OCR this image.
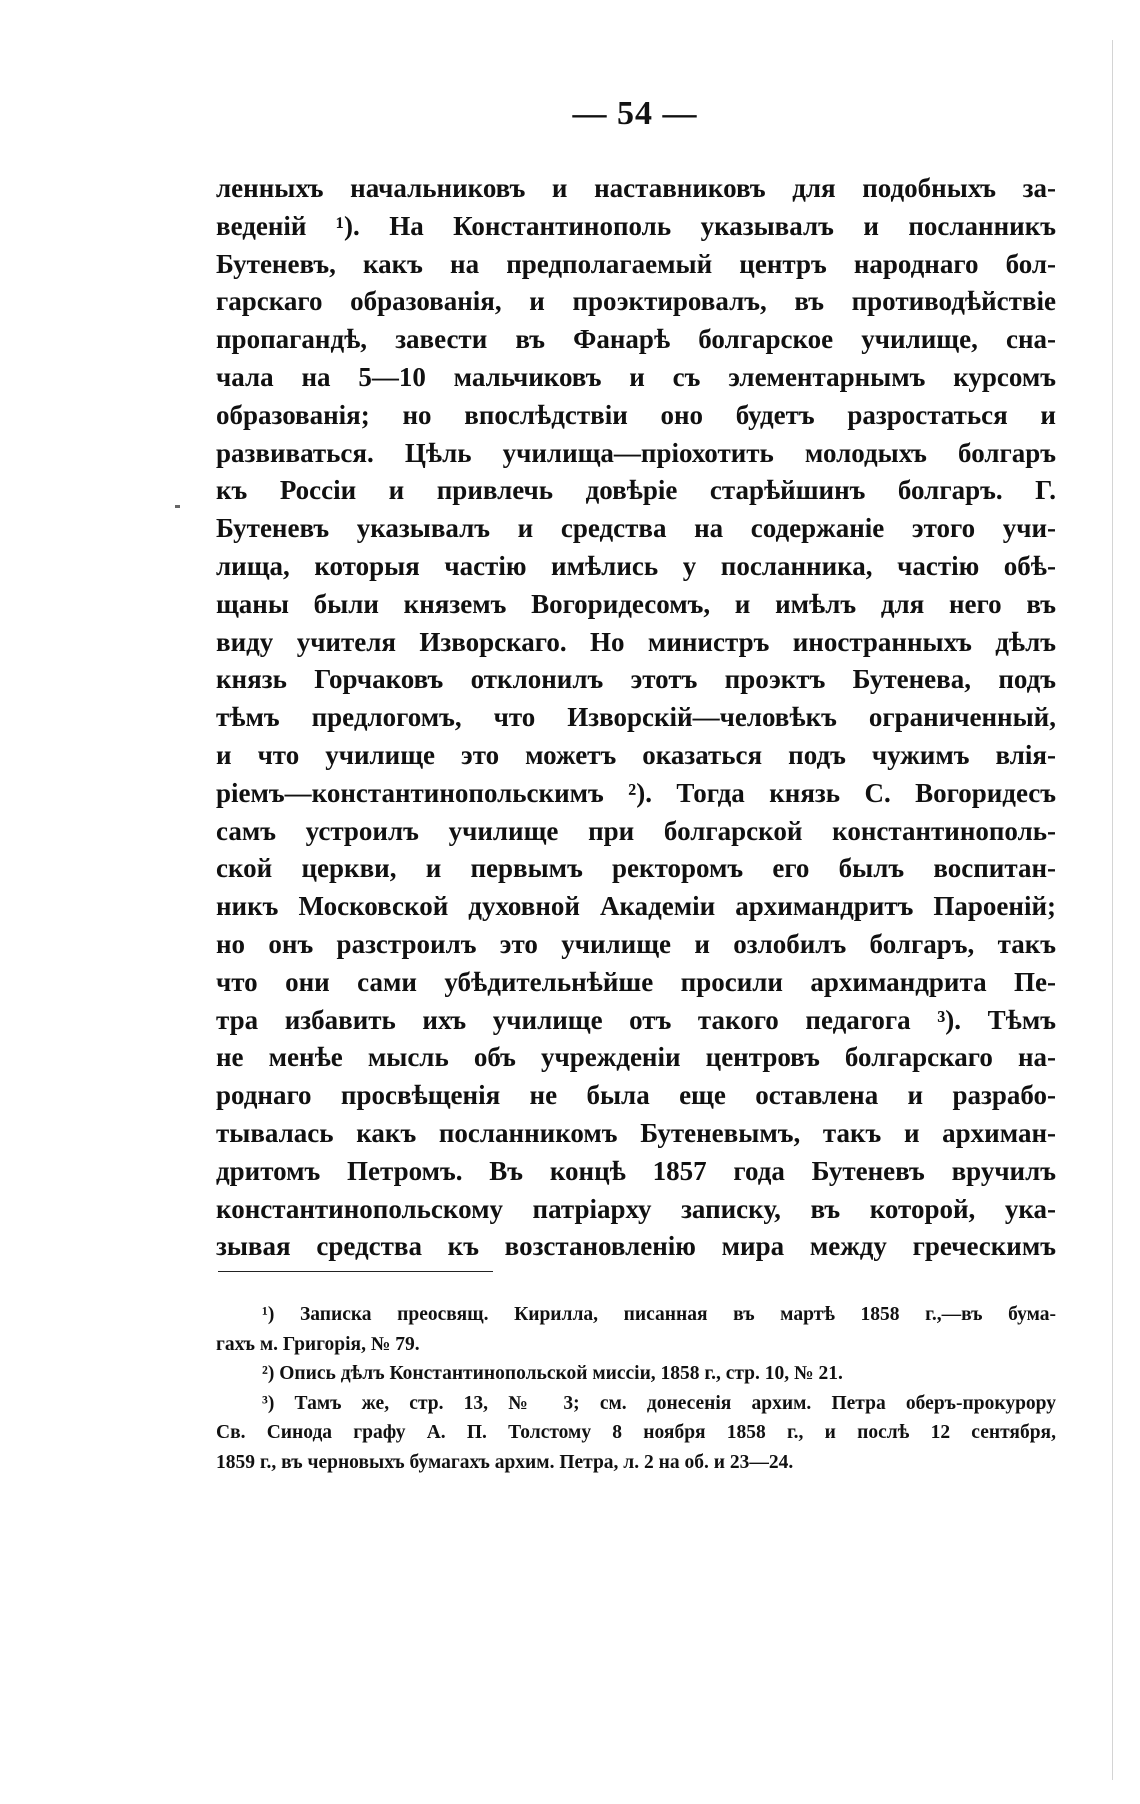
— 54 —
ленныхъ начальниковъ и наставниковъ для подобныхъ за-
веденій ¹). На Константинополь указывалъ и посланникъ
Бутеневъ, какъ на предполагаемый центръ народнаго бол-
гарскаго образованія, и проэктировалъ, въ противодѣйствіе
пропагандѣ, завести въ Фанарѣ болгарское училище, сна-
чала на 5—10 мальчиковъ и съ элементарнымъ курсомъ
образованія; но впослѣдствіи оно будетъ разростаться и
развиваться. Цѣль училища—пріохотить молодыхъ болгаръ
къ Россіи и привлечь довѣріе старѣйшинъ болгаръ. Г.
Бутеневъ указывалъ и средства на содержаніе этого учи-
лища, которыя частію имѣлись у посланника, частію обѣ-
щаны были княземъ Вогоридесомъ, и имѣлъ для него въ
виду учителя Изворскаго. Но министръ иностранныхъ дѣлъ
князь Горчаковъ отклонилъ этотъ проэктъ Бутенева, подъ
тѣмъ предлогомъ, что Изворскій—человѣкъ ограниченный,
и что училище это можетъ оказаться подъ чужимъ влія-
ріемъ—константинопольскимъ ²). Тогда князь С. Вогоридесъ
самъ устроилъ училище при болгарской константинополь-
ской церкви, и первымъ ректоромъ его былъ воспитан-
никъ Московской духовной Академіи архимандритъ Пароеній;
но онъ разстроилъ это училище и озлобилъ болгаръ, такъ
что они сами убѣдительнѣйше просили архимандрита Пе-
тра избавить ихъ училище отъ такого педагога ³). Тѣмъ
не менѣе мысль объ учрежденіи центровъ болгарскаго на-
роднаго просвѣщенія не была еще оставлена и разрабо-
тывалась какъ посланникомъ Бутеневымъ, такъ и архиман-
дритомъ Петромъ. Въ концѣ 1857 года Бутеневъ вручилъ
константинопольскому патріарху записку, въ которой, ука-
зывая средства къ возстановленію мира между греческимъ
¹) Записка преосвящ. Кирилла, писанная въ мартѣ 1858 г.,—въ бума-
гахъ м. Григорія, № 79.
²) Опись дѣлъ Константинопольской миссіи, 1858 г., стр. 10, № 21.
³) Тамъ же, стр. 13, № 3; см. донесенія архим. Петра оберъ-прокурору
Св. Синода графу А. П. Толстому 8 ноября 1858 г., и послѣ 12 сентября,
1859 г., въ черновыхъ бумагахъ архим. Петра, л. 2 на об. и 23—24.
